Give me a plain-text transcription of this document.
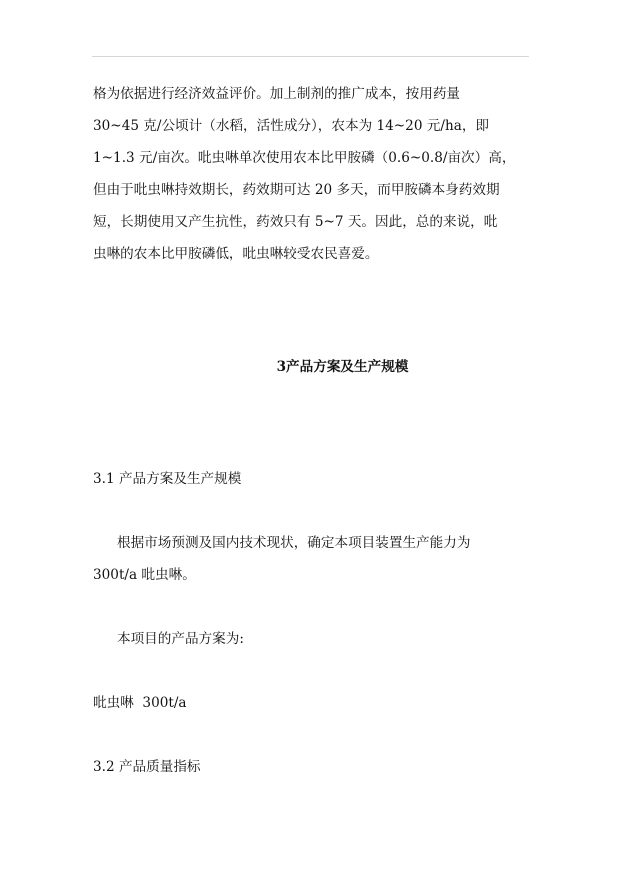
格为依据进行经济效益评价。加上制剂的推广成本，按用药量
30~45 克/公顷计（水稻，活性成分），农本为 14~20 元/ha，即
1~1.3 元/亩次。吡虫啉单次使用农本比甲胺磷（0.6~0.8/亩次）高，
但由于吡虫啉持效期长，药效期可达 20 多天，而甲胺磷本身药效期
短，长期使用又产生抗性，药效只有 5~7 天。因此，总的来说，吡
虫啉的农本比甲胺磷低，吡虫啉较受农民喜爱。
3产品方案及生产规模
3.1 产品方案及生产规模
根据市场预测及国内技术现状，确定本项目装置生产能力为
300t/a 吡虫啉。
本项目的产品方案为:
吡虫啉  300t/a
3.2 产品质量指标
